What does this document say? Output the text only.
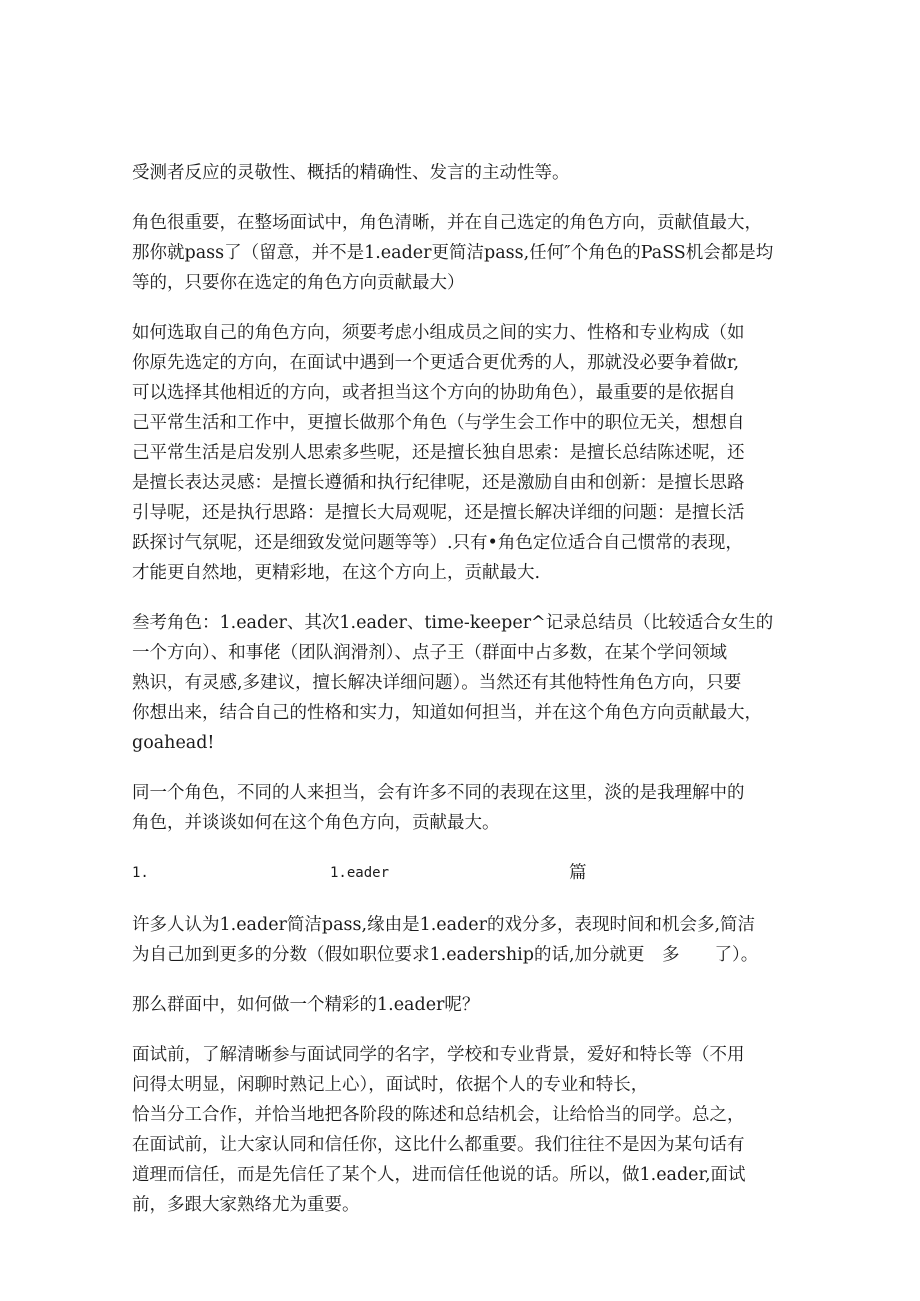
受测者反应的灵敬性、概括的精确性、发言的主动性等。
角色很重要，在整场面试中，角色清晰，并在自己选定的角色方向，贡献值最大，
那你就pass了（留意，并不是1.eader更简洁pass,任何″个角色的PaSS机会都是均
等的，只要你在选定的角色方向贡献最大）
如何选取自己的角色方向，须要考虑小组成员之间的实力、性格和专业构成（如
你原先选定的方向，在面试中遇到一个更适合更优秀的人，那就没必要争着做r,
可以选择其他相近的方向，或者担当这个方向的协助角色），最重要的是依据自
己平常生活和工作中，更擅长做那个角色（与学生会工作中的职位无关，想想自
己平常生活是启发别人思索多些呢，还是擅长独自思索：是擅长总结陈述呢，还
是擅长表达灵感：是擅长遵循和执行纪律呢，还是激励自由和创新：是擅长思路
引导呢，还是执行思路：是擅长大局观呢，还是擅长解决详细的问题：是擅长活
跃探讨气氛呢，还是细致发觉问题等等）.只有•角色定位适合自己惯常的表现，
才能更自然地，更精彩地，在这个方向上，贡献最大.
叁考角色：1.eader、其次1.eader、time-keeper^记录总结员（比较适合女生的
一个方向）、和事佬（团队润滑剂）、点子王（群面中占多数，在某个学问领域
熟识，有灵感,多建议，擅长解决详细问题）。当然还有其他特性角色方向，只要
你想出来，结合自己的性格和实力，知道如何担当，并在这个角色方向贡献最大，
goahead!
同一个角色，不同的人来担当，会有许多不同的表现在这里，淡的是我理解中的
角色，并谈谈如何在这个角色方向，贡献最大。
1.	1.eader	篇
许多人认为1.eader简洁pass,缘由是1.eader的戏分多，表现时间和机会多,简洁
为自己加到更多的分数（假如职位要求1.eadership的话,加分就更　多　　了）。
那么群面中，如何做一个精彩的1.eader呢？
面试前，了解清晰参与面试同学的名字，学校和专业背景，爱好和特长等（不用
问得太明显，闲聊时熟记上心），面试时，依据个人的专业和特长，
恰当分工合作，并恰当地把各阶段的陈述和总结机会，让给恰当的同学。总之，
在面试前，让大家认同和信任你，这比什么都重要。我们往往不是因为某句话有
道理而信任，而是先信任了某个人，进而信任他说的话。所以，做1.eader,面试
前，多跟大家熟络尤为重要。
